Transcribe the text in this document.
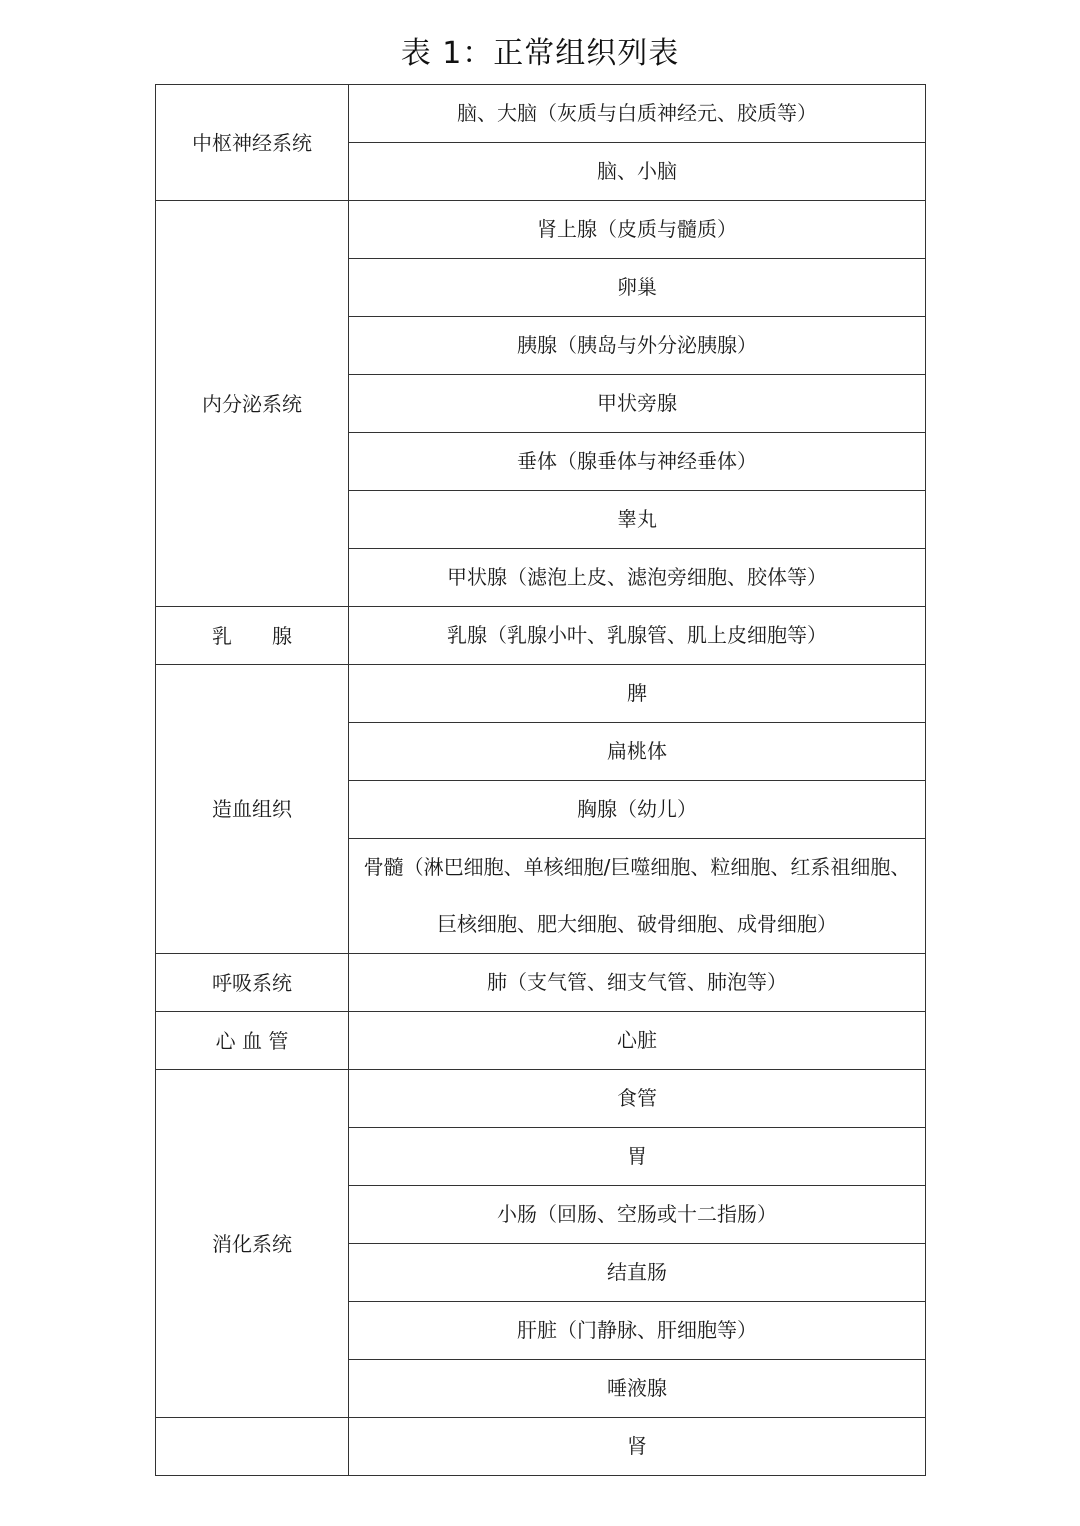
表 1：正常组织列表
中枢神经系统	脑、大脑（灰质与白质神经元、胶质等）
	脑、小脑
内分泌系统	肾上腺（皮质与髓质）
	卵巢
	胰腺（胰岛与外分泌胰腺）
	甲状旁腺
	垂体（腺垂体与神经垂体）
	睾丸
	甲状腺（滤泡上皮、滤泡旁细胞、胶体等）
乳　　腺	乳腺（乳腺小叶、乳腺管、肌上皮细胞等）
造血组织	脾
	扁桃体
	胸腺（幼儿）
	骨髓（淋巴细胞、单核细胞/巨噬细胞、粒细胞、红系祖细胞、巨核细胞、肥大细胞、破骨细胞、成骨细胞）
呼吸系统	肺（支气管、细支气管、肺泡等）
心 血 管	心脏
消化系统	食管
	胃
	小肠（回肠、空肠或十二指肠）
	结直肠
	肝脏（门静脉、肝细胞等）
	唾液腺
	肾
